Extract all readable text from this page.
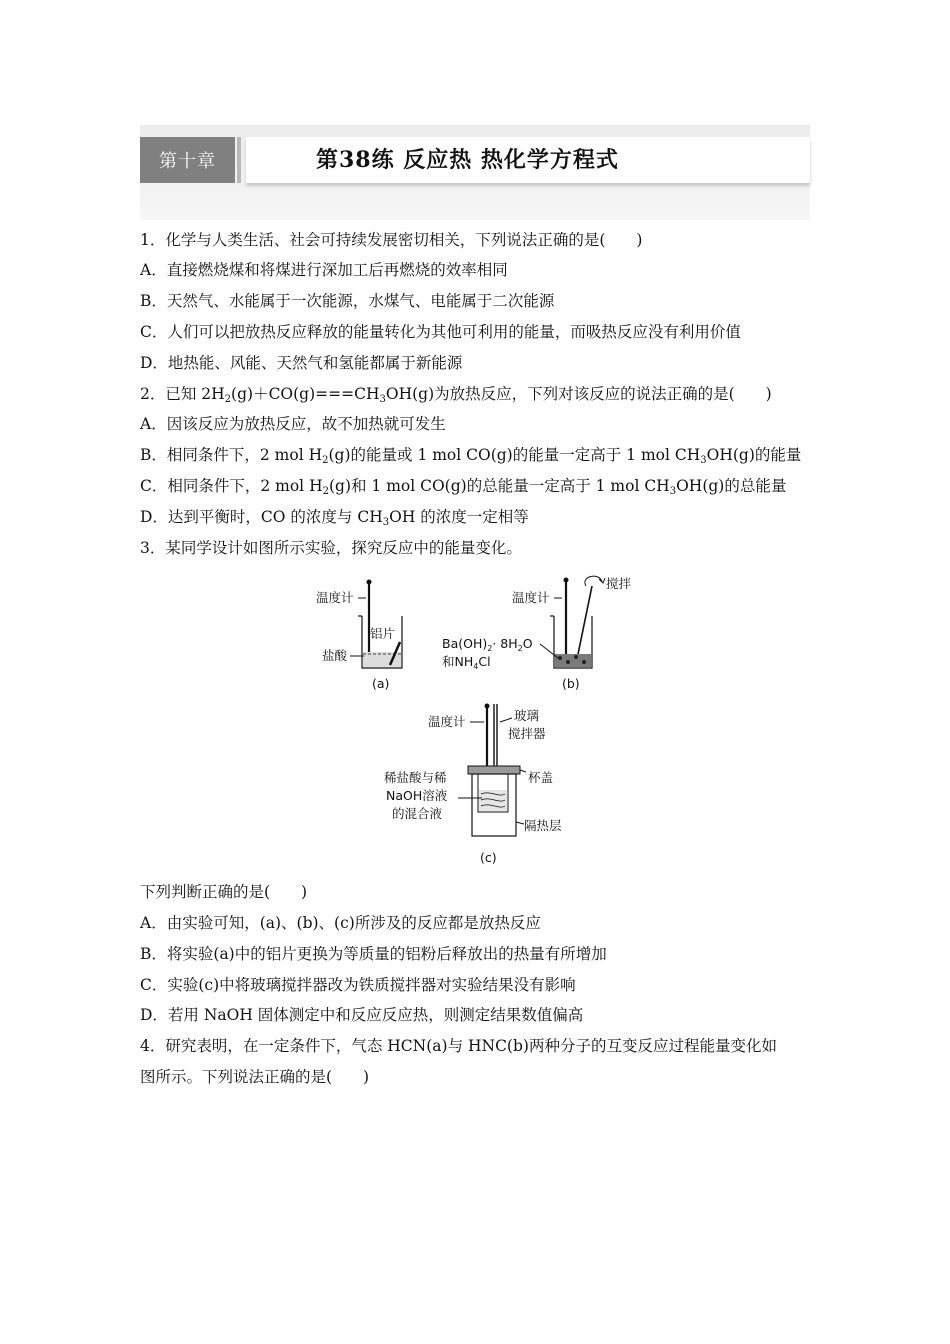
第十章	第38练 反应热 热化学方程式
1．化学与人类生活、社会可持续发展密切相关，下列说法正确的是(　　)
A．直接燃烧煤和将煤进行深加工后再燃烧的效率相同
B．天然气、水能属于一次能源，水煤气、电能属于二次能源
C．人们可以把放热反应释放的能量转化为其他可利用的能量，而吸热反应没有利用价值
D．地热能、风能、天然气和氢能都属于新能源
2．已知 $2H_2(g)+CO(g)===CH_3OH(g)$为放热反应，下列对该反应的说法正确的是(　　)
A．因该反应为放热反应，故不加热就可发生
B．相同条件下，2 mol $H_2(g)$的能量或 1 mol CO(g)的能量一定高于 1 mol $CH_3OH(g)$的能量
C．相同条件下，2 mol $H_2(g)$和 1 mol CO(g)的总能量一定高于 1 mol $CH_3OH(g)$的总能量
D．达到平衡时，CO 的浓度与 $CH_3OH$ 的浓度一定相等
3．某同学设计如图所示实验，探究反应中的能量变化。
下列判断正确的是(　　)
A．由实验可知，(a)、(b)、(c)所涉及的反应都是放热反应
B．将实验(a)中的铝片更换为等质量的铝粉后释放出的热量有所增加
C．实验(c)中将玻璃搅拌器改为铁质搅拌器对实验结果没有影响
D．若用 NaOH 固体测定中和反应反应热，则测定结果数值偏高
4．研究表明，在一定条件下，气态 HCN(a)与 HNC(b)两种分子的互变反应过程能量变化如
图所示。下列说法正确的是(　　)
温度计
铝片
盐酸
(a)
温度计
搅拌
$Ba(OH)_2\cdot 8H_2O$
和$NH_4Cl$
(b)
温度计	玻璃
搅拌器
杯盖
稀盐酸与稀
NaOH溶液
的混合液
隔热层
(c)
